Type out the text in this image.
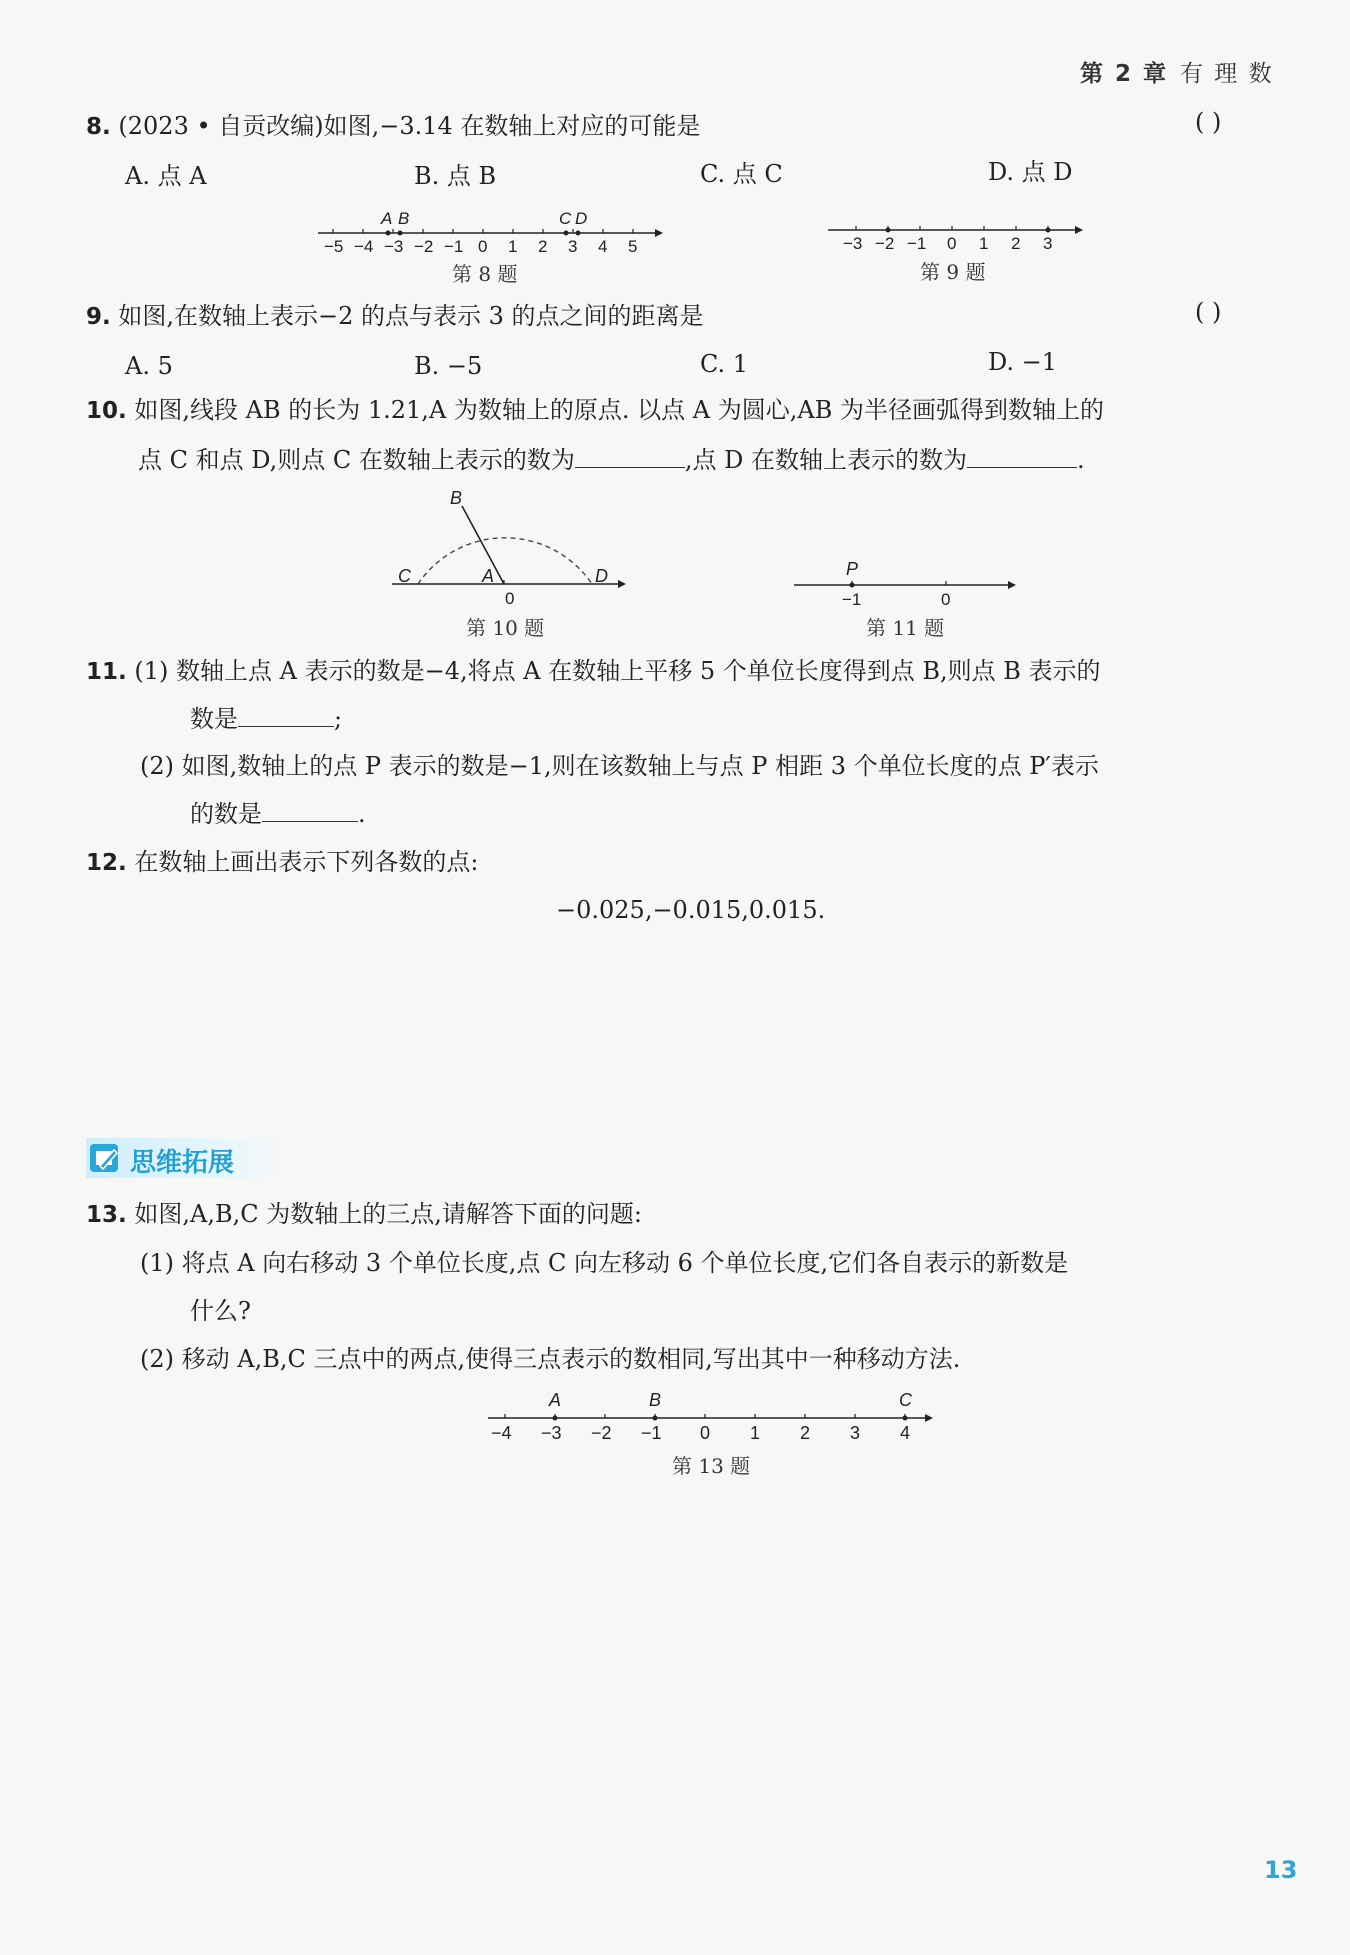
第 2 章 有 理 数
8. (2023 • 自贡改编)如图,−3.14 在数轴上对应的可能是	( )
A. 点 A	B. 点 B	C. 点 C	D. 点 D
−5 −4 −3 −2 −1 0 1 2 3 4 5
A B	C D
第 8 题
−3 −2 −1 0 1 2 3
第 9 题
9. 如图,在数轴上表示−2 的点与表示 3 的点之间的距离是	( )
A. 5	B. −5	C. 1	D. −1
10. 如图,线段 AB 的长为 1.21,A 为数轴上的原点. 以点 A 为圆心,AB 为半径画弧得到数轴上的
点 C 和点 D,则点 C 在数轴上表示的数为	,点 D 在数轴上表示的数为	.
B
C	A	D
0
第 10 题
P
−1	0
第 11 题
11. (1) 数轴上点 A 表示的数是−4,将点 A 在数轴上平移 5 个单位长度得到点 B,则点 B 表示的
数是	;
(2) 如图,数轴上的点 P 表示的数是−1,则在该数轴上与点 P 相距 3 个单位长度的点 P′表示
的数是	.
12. 在数轴上画出表示下列各数的点:
−0.025,−0.015,0.015.
思维拓展
13. 如图,A,B,C 为数轴上的三点,请解答下面的问题:
(1) 将点 A 向右移动 3 个单位长度,点 C 向左移动 6 个单位长度,它们各自表示的新数是
什么?
(2) 移动 A,B,C 三点中的两点,使得三点表示的数相同,写出其中一种移动方法.
A	B	C
−4 −3 −2 −1 0 1 2 3 4
第 13 题
13
